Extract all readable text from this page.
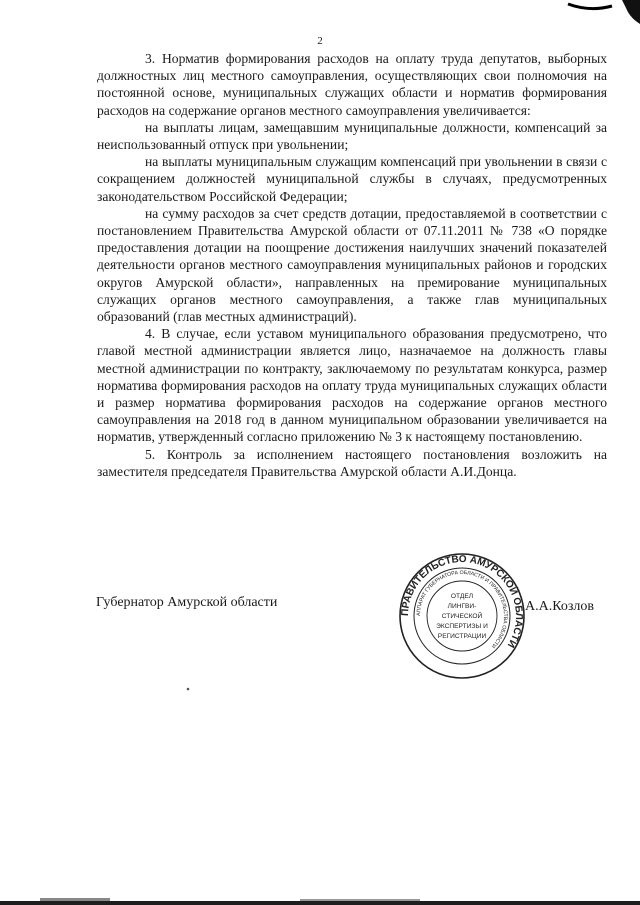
2

3. Норматив формирования расходов на оплату труда депутатов, выборных должностных лиц местного самоуправления, осуществляющих свои полномочия на постоянной основе, муниципальных служащих области и норматив формирования расходов на содержание органов местного самоуправления увеличивается:

на выплаты лицам, замещавшим муниципальные должности, компенсаций за неиспользованный отпуск при увольнении;

на выплаты муниципальным служащим компенсаций при увольнении в связи с сокращением должностей муниципальной службы в случаях, предусмотренных законодательством Российской Федерации;

на сумму расходов за счет средств дотации, предоставляемой в соответствии с постановлением Правительства Амурской области от 07.11.2011 № 738 «О порядке предоставления дотации на поощрение достижения наилучших значений показателей деятельности органов местного самоуправления муниципальных районов и городских округов Амурской области», направленных на премирование муниципальных служащих органов местного самоуправления, а также глав муниципальных образований (глав местных администраций).

4. В случае, если уставом муниципального образования предусмотрено, что главой местной администрации является лицо, назначаемое на должность главы местной администрации по контракту, заключаемому по результатам конкурса, размер норматива формирования расходов на оплату труда муниципальных служащих области и размер норматива формирования расходов на содержание органов местного самоуправления на 2018 год в данном муниципальном образовании увеличивается на норматив, утвержденный согласно приложению № 3 к настоящему постановлению.

5. Контроль за исполнением настоящего постановления возложить на заместителя председателя Правительства Амурской области А.И.Донца.

Губернатор Амурской области
ПРАВИТЕЛЬСТВО АМУРСКОЙ ОБЛАСТИ
АППАРАТ ГУБЕРНАТОРА ОБЛАСТИ И ПРАВИТЕЛЬСТВА ОБЛАСТИ
ОТДЕЛ
ЛИНГВИ-
СТИЧЕСКОЙ
ЭКСПЕРТИЗЫ И
РЕГИСТРАЦИИ
А.А.Козлов
